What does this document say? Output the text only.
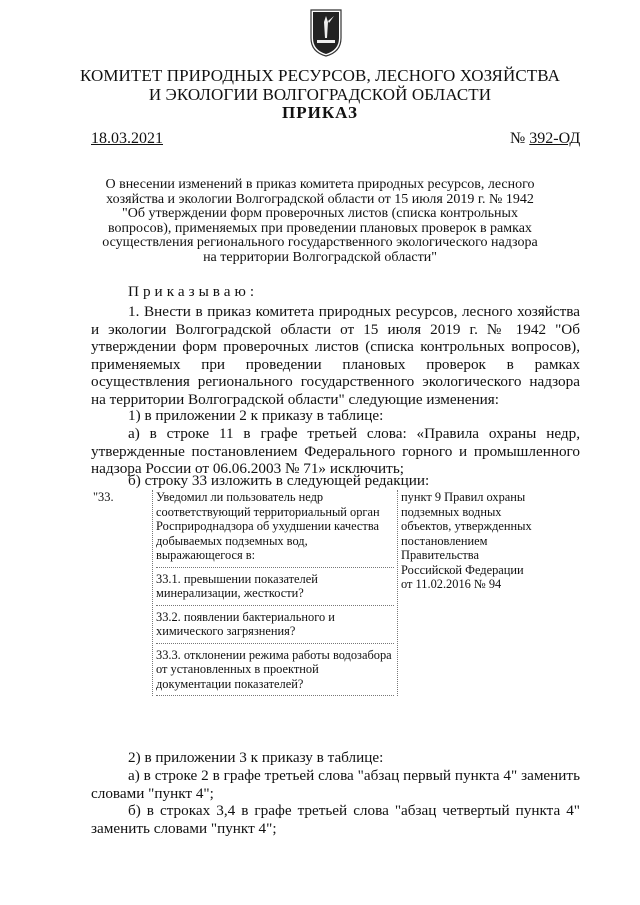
КОМИТЕТ ПРИРОДНЫХ РЕСУРСОВ, ЛЕСНОГО ХОЗЯЙСТВА
И ЭКОЛОГИИ ВОЛГОГРАДСКОЙ ОБЛАСТИ
ПРИКАЗ
18.03.2021	№ 392-ОД
О внесении изменений в приказ комитета природных ресурсов, лесного
хозяйства и экологии Волгоградской области от 15 июля 2019 г. № 1942
"Об утверждении форм проверочных листов (списка контрольных
вопросов), применяемых при проведении плановых проверок в рамках
осуществления регионального государственного экологического надзора
на территории Волгоградской области"
Приказываю:
1. Внести в приказ комитета природных ресурсов, лесного хозяйства и экологии Волгоградской области от 15 июля 2019 г. № 1942 "Об утверждении форм проверочных листов (списка контрольных вопросов), применяемых при проведении плановых проверок в рамках осуществления регионального государственного экологического надзора на территории Волгоградской области" следующие изменения:
1) в приложении 2 к приказу в таблице:
а) в строке 11 в графе третьей слова: «Правила охраны недр, утвержденные постановлением Федерального горного и промышленного надзора России от 06.06.2003 № 71» исключить;
б) строку 33 изложить в следующей редакции:
"33.	Уведомил ли пользователь недр соответствующий территориальный орган Росприроднадзора об ухудшении качества добываемых подземных вод, выражающегося в:
33.1. превышении показателей минерализации, жесткости?
33.2. появлении бактериального и химического загрязнения?
33.3. отклонении режима работы водозабора от установленных в проектной документации показателей?
	пункт 9 Правил охраны подземных водных объектов, утвержденных постановлением Правительства Российской Федерации от 11.02.2016 № 94
2) в приложении 3 к приказу в таблице:
а) в строке 2 в графе третьей слова "абзац первый пункта 4" заменить словами "пункт 4";
б) в строках 3,4 в графе третьей слова "абзац четвертый пункта 4" заменить словами "пункт 4";
